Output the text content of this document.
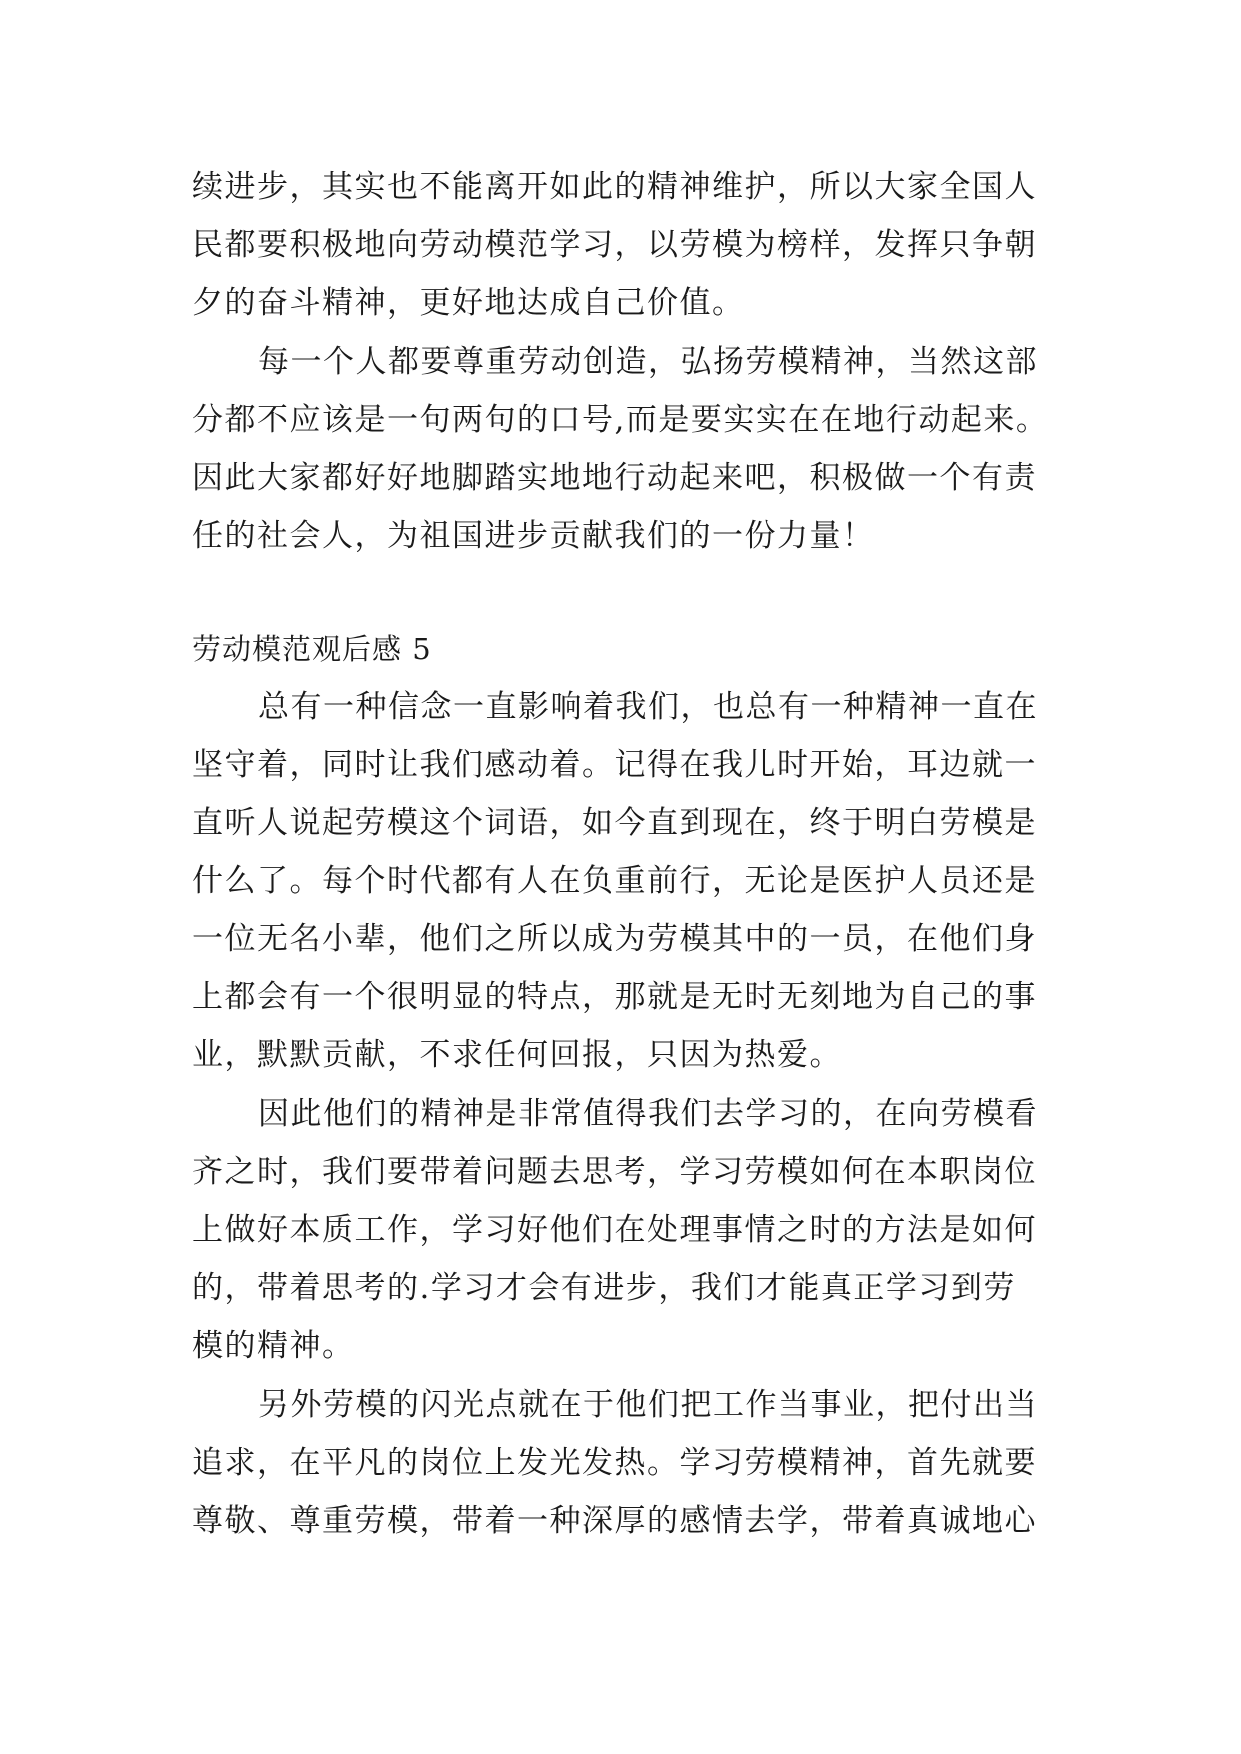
续进步，其实也不能离开如此的精神维护，所以大家全国人
民都要积极地向劳动模范学习，以劳模为榜样，发挥只争朝
夕的奋斗精神，更好地达成自己价值。
每一个人都要尊重劳动创造，弘扬劳模精神，当然这部
分都不应该是一句两句的口号,而是要实实在在地行动起来。
因此大家都好好地脚踏实地地行动起来吧，积极做一个有责
任的社会人，为祖国进步贡献我们的一份力量！
劳动模范观后感 5
总有一种信念一直影响着我们，也总有一种精神一直在
坚守着，同时让我们感动着。记得在我儿时开始，耳边就一
直听人说起劳模这个词语，如今直到现在，终于明白劳模是
什么了。每个时代都有人在负重前行，无论是医护人员还是
一位无名小辈，他们之所以成为劳模其中的一员，在他们身
上都会有一个很明显的特点，那就是无时无刻地为自己的事
业，默默贡献，不求任何回报，只因为热爱。
因此他们的精神是非常值得我们去学习的，在向劳模看
齐之时，我们要带着问题去思考，学习劳模如何在本职岗位
上做好本质工作，学习好他们在处理事情之时的方法是如何
的，带着思考的.学习才会有进步，我们才能真正学习到劳
模的精神。
另外劳模的闪光点就在于他们把工作当事业，把付出当
追求，在平凡的岗位上发光发热。学习劳模精神，首先就要
尊敬、尊重劳模，带着一种深厚的感情去学，带着真诚地心
